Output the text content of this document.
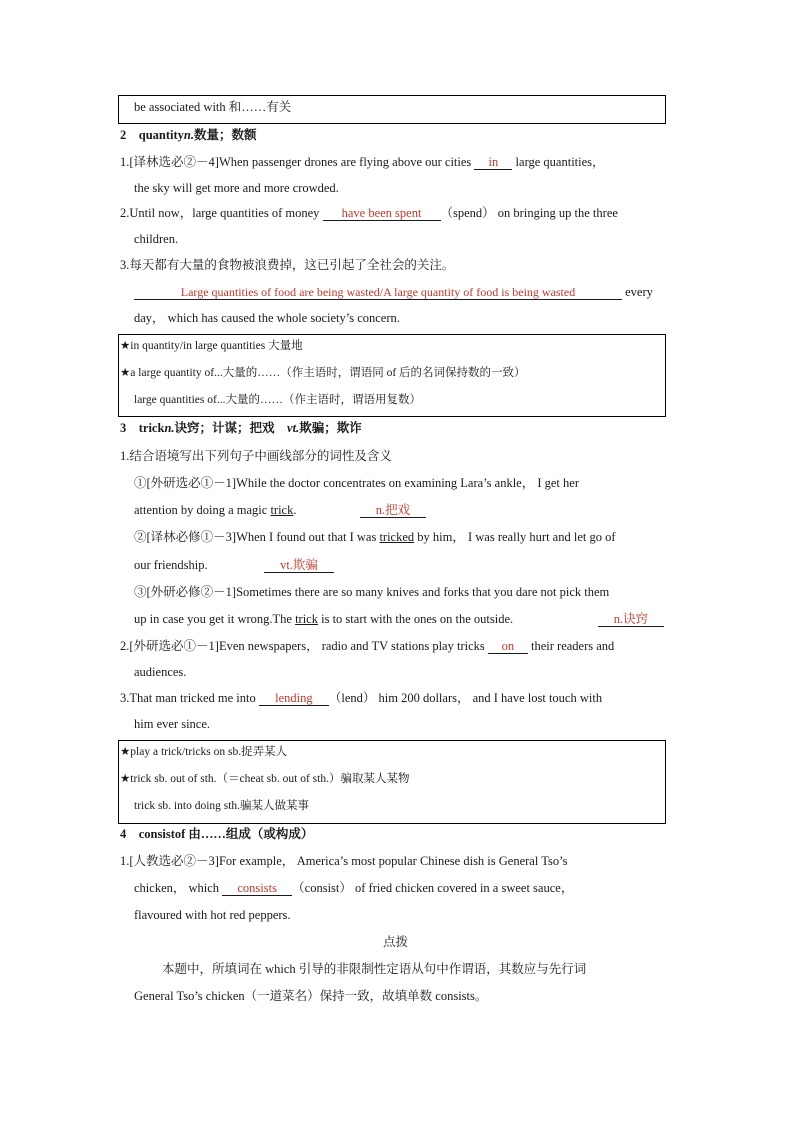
be associated with 和……有关
2　quantityn.数量；数额
1.[译林选必②－4]When passenger drones are flying above our cities in large quantities，
the sky will get more and more crowded.
2.Until now，large quantities of money have been spent （spend） on bringing up the three
children.
3.每天都有大量的食物被浪费掉，这已引起了全社会的关注。
Large quantities of food are being wasted/A large quantity of food is being wasted	every
day， which has caused the whole society’s concern.
★in quantity/in large quantities 大量地
★a large quantity of...大量的……（作主语时，谓语同 of 后的名词保持数的一致）
large quantities of...大量的……（作主语时，谓语用复数）
3　trickn.诀窍；计谋；把戏　vt.欺骗；欺诈
1.结合语境写出下列句子中画线部分的词性及含义
①[外研选必①－1]While the doctor concentrates on examining Lara’s ankle， I get her
attention by doing a magic trick.	n.把戏
②[译林必修①－3]When I found out that I was tricked by him， I was really hurt and let go of
our friendship.	vt.欺骗
③[外研必修②－1]Sometimes there are so many knives and forks that you dare not pick them
up in case you get it wrong.The trick is to start with the ones on the outside.	n.诀窍
2.[外研选必①－1]Even newspapers， radio and TV stations play tricks on their readers and
audiences.
3.That man tricked me into lending （lend） him 200 dollars， and I have lost touch with
him ever since.
★play a trick/tricks on sb.捉弄某人
★trick sb. out of sth.（＝cheat sb. out of sth.）骗取某人某物
trick sb. into doing sth.骗某人做某事
4　consistof 由……组成（或构成）
1.[人教选必②－3]For example， America’s most popular Chinese dish is General Tso’s
chicken， which consists （consist） of fried chicken covered in a sweet sauce，
flavoured with hot red peppers.
点拨
本题中，所填词在 which 引导的非限制性定语从句中作谓语，其数应与先行词
General Tso’s chicken（一道菜名）保持一致，故填单数 consists。
